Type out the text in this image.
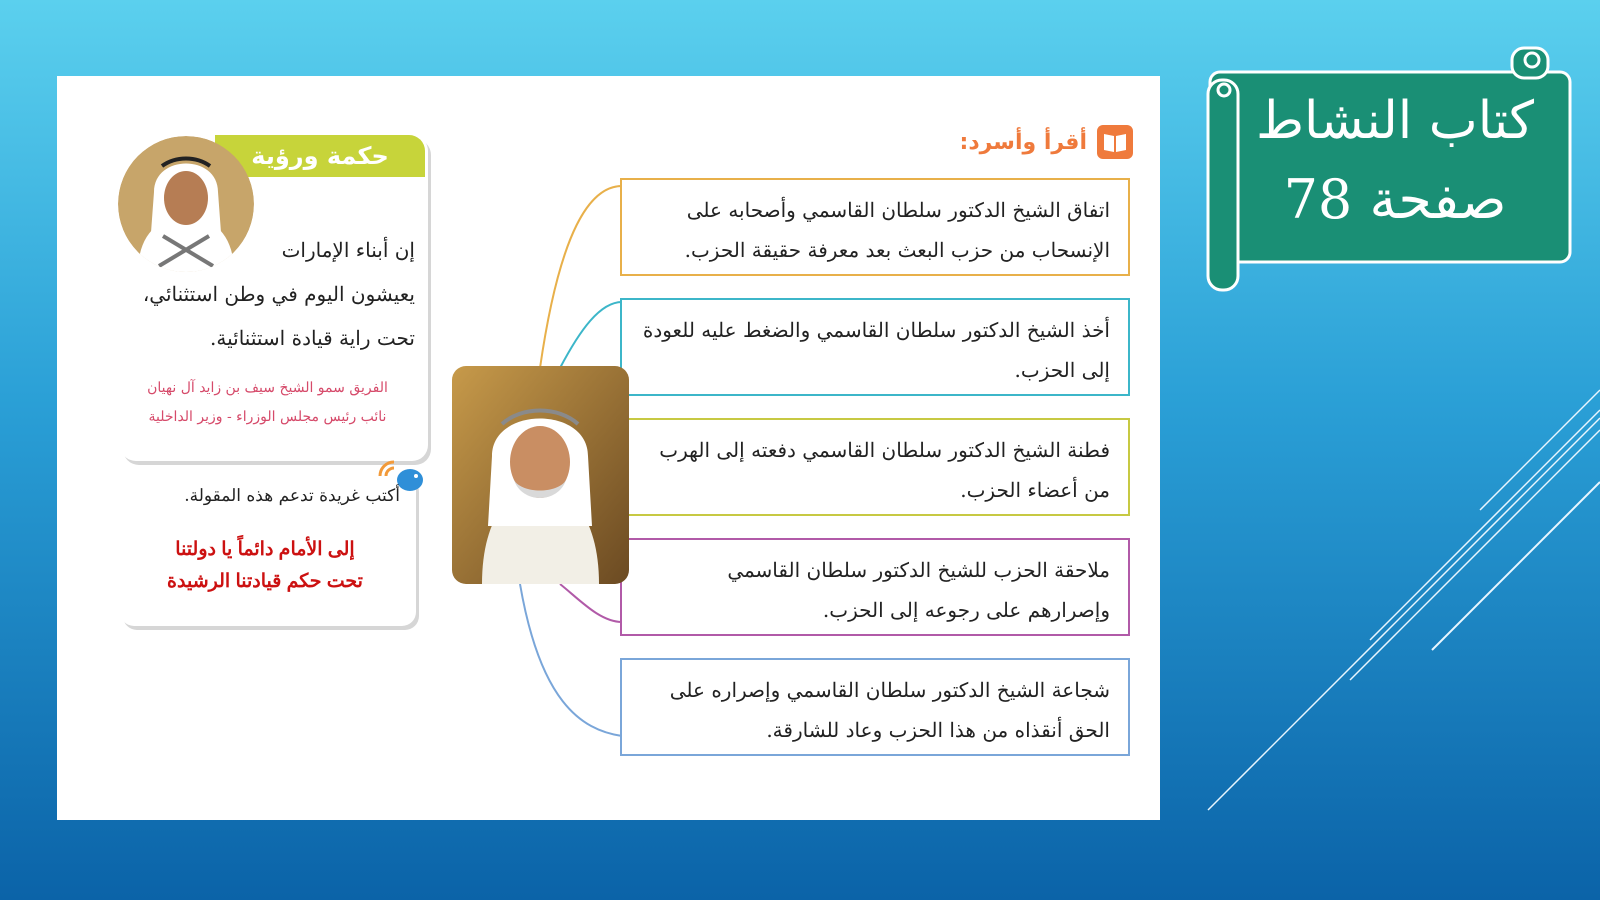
كتاب النشاط
صفحة 78
أقرأ وأسرد:
اتفاق الشيخ الدكتور سلطان القاسمي وأصحابه على الإنسحاب من حزب البعث بعد معرفة حقيقة الحزب.
أخذ الشيخ الدكتور سلطان القاسمي والضغط عليه للعودة إلى الحزب.
فطنة الشيخ الدكتور سلطان القاسمي دفعته إلى الهرب من أعضاء الحزب.
ملاحقة الحزب للشيخ الدكتور سلطان القاسمي وإصرارهم على رجوعه إلى الحزب.
شجاعة الشيخ الدكتور سلطان القاسمي وإصراره على الحق أنقذاه من هذا الحزب وعاد للشارقة.
حكمة ورؤية
إن أبناء الإمارات
يعيشون اليوم في وطن استثنائي،
تحت راية قيادة استثنائية.
الفريق سمو الشيخ سيف بن زايد آل نهيان
نائب رئيس مجلس الوزراء - وزير الداخلية
أكتب غريدة تدعم هذه المقولة.
إلى الأمام دائماً يا دولتنا
تحت حكم قيادتنا الرشيدة
